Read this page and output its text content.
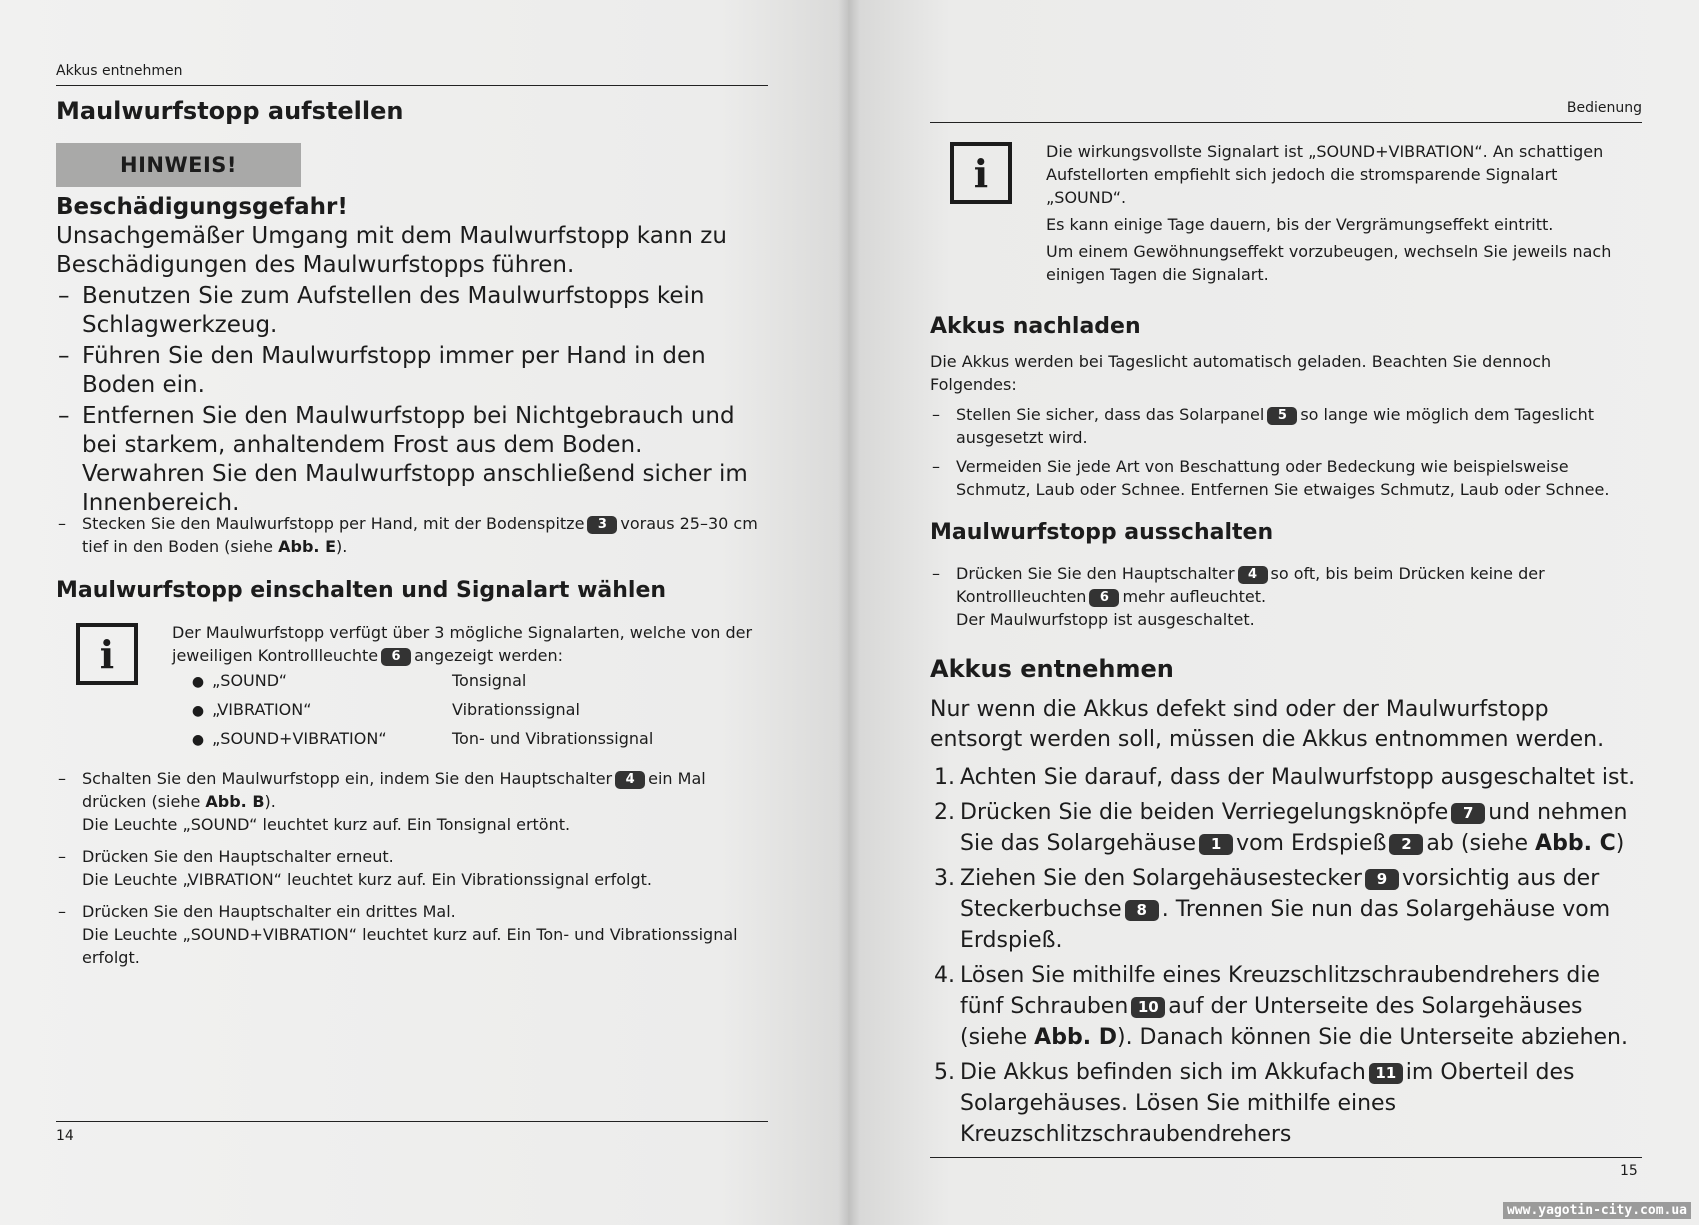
Akkus entnehmen
Maulwurfstopp aufstellen
HINWEIS!
Beschädigungsgefahr!
Unsachgemäßer Umgang mit dem Maulwurfstopp kann zu Beschädigungen des Maulwurfstopps führen.
– Benutzen Sie zum Aufstellen des Maulwurfstopps kein Schlagwerkzeug.
– Führen Sie den Maulwurfstopp immer per Hand in den Boden ein.
– Entfernen Sie den Maulwurfstopp bei Nichtgebrauch und bei starkem, anhaltendem Frost aus dem Boden. Verwahren Sie den Maulwurfstopp anschließend sicher im Innenbereich.
– Stecken Sie den Maulwurfstopp per Hand, mit der Bodenspitze 3 voraus 25–30 cm tief in den Boden (siehe Abb. E).
Maulwurfstopp einschalten und Signalart wählen
i	Der Maulwurfstopp verfügt über 3 mögliche Signalarten, welche von der jeweiligen Kontrollleuchte 6 angezeigt werden:
● „SOUND“	Tonsignal
● „VIBRATION“	Vibrationssignal
● „SOUND+VIBRATION“	Ton- und Vibrationssignal
– Schalten Sie den Maulwurfstopp ein, indem Sie den Hauptschalter 4 ein Mal drücken (siehe Abb. B).
Die Leuchte „SOUND“ leuchtet kurz auf. Ein Tonsignal ertönt.
– Drücken Sie den Hauptschalter erneut.
Die Leuchte „VIBRATION“ leuchtet kurz auf. Ein Vibrationssignal erfolgt.
– Drücken Sie den Hauptschalter ein drittes Mal.
Die Leuchte „SOUND+VIBRATION“ leuchtet kurz auf. Ein Ton- und Vibrationssignal erfolgt.
14
Bedienung
i	Die wirkungsvollste Signalart ist „SOUND+VIBRATION“. An schattigen Aufstellorten empfiehlt sich jedoch die stromsparende Signalart „SOUND“.
Es kann einige Tage dauern, bis der Vergrämungseffekt eintritt.
Um einem Gewöhnungseffekt vorzubeugen, wechseln Sie jeweils nach einigen Tagen die Signalart.
Akkus nachladen
Die Akkus werden bei Tageslicht automatisch geladen. Beachten Sie dennoch Folgendes:
– Stellen Sie sicher, dass das Solarpanel 5 so lange wie möglich dem Tageslicht ausgesetzt wird.
– Vermeiden Sie jede Art von Beschattung oder Bedeckung wie beispielsweise Schmutz, Laub oder Schnee. Entfernen Sie etwaiges Schmutz, Laub oder Schnee.
Maulwurfstopp ausschalten
– Drücken Sie Sie den Hauptschalter 4 so oft, bis beim Drücken keine der Kontrollleuchten 6 mehr aufleuchtet.
Der Maulwurfstopp ist ausgeschaltet.
Akkus entnehmen
Nur wenn die Akkus defekt sind oder der Maulwurfstopp entsorgt werden soll, müssen die Akkus entnommen werden.
1. Achten Sie darauf, dass der Maulwurfstopp ausgeschaltet ist.
2. Drücken Sie die beiden Verriegelungsknöpfe 7 und nehmen Sie das Solargehäuse 1 vom Erdspieß 2 ab (siehe Abb. C)
3. Ziehen Sie den Solargehäusestecker 9 vorsichtig aus der Steckerbuchse 8 . Trennen Sie nun das Solargehäuse vom Erdspieß.
4. Lösen Sie mithilfe eines Kreuzschlitzschraubendrehers die fünf Schrauben 10 auf der Unterseite des Solargehäuses (siehe Abb. D). Danach können Sie die Unterseite abziehen.
5. Die Akkus befinden sich im Akkufach 11 im Oberteil des Solargehäuses. Lösen Sie mithilfe eines Kreuzschlitzschraubendrehers
15
www.yagotin-city.com.ua
